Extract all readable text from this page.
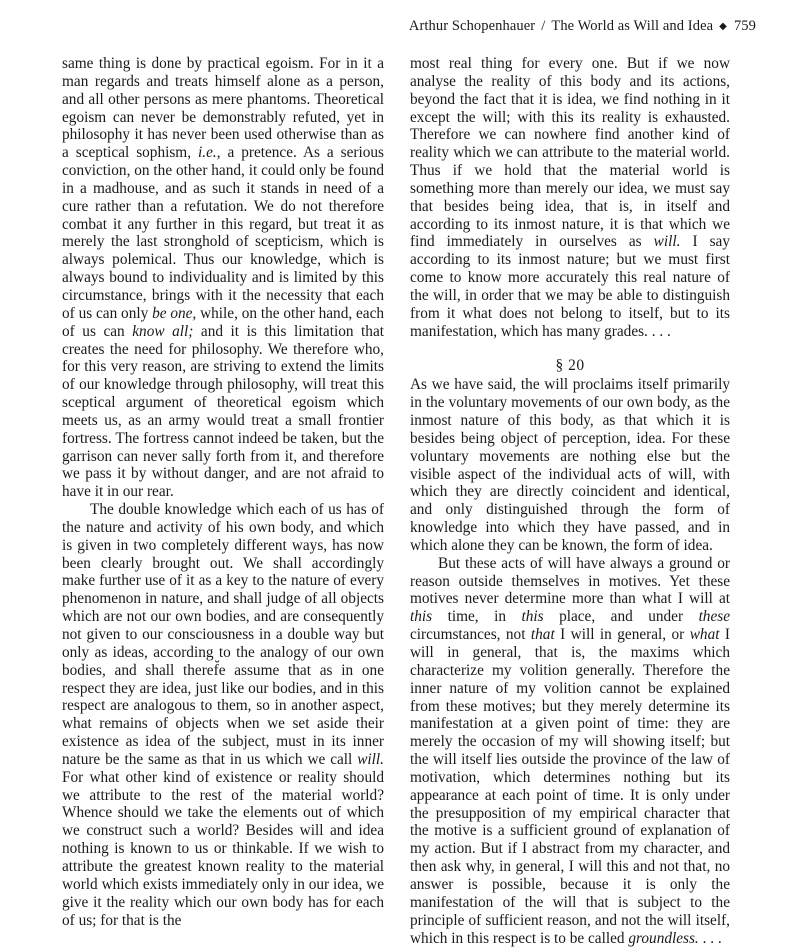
Arthur Schopenhauer / The World as Will and Idea ◆ 759

same thing is done by practical egoism. For in it a man regards and treats himself alone as a person, and all other persons as mere phantoms. Theoretical egoism can never be demonstrably refuted, yet in philosophy it has never been used otherwise than as a sceptical sophism, i.e., a pretence. As a serious conviction, on the other hand, it could only be found in a madhouse, and as such it stands in need of a cure rather than a refutation. We do not therefore combat it any further in this regard, but treat it as merely the last stronghold of scepticism, which is always polemical. Thus our knowledge, which is always bound to individuality and is limited by this circumstance, brings with it the necessity that each of us can only be one, while, on the other hand, each of us can know all; and it is this limitation that creates the need for philosophy. We therefore who, for this very reason, are striving to extend the limits of our knowledge through philosophy, will treat this sceptical argument of theoretical egoism which meets us, as an army would treat a small frontier fortress. The fortress cannot indeed be taken, but the garrison can never sally forth from it, and therefore we pass it by without danger, and are not afraid to have it in our rear.

The double knowledge which each of us has of the nature and activity of his own body, and which is given in two completely different ways, has now been clearly brought out. We shall accordingly make further use of it as a key to the nature of every phenomenon in nature, and shall judge of all objects which are not our own bodies, and are consequently not given to our consciousness in a double way but only as ideas, according to the analogy of our own bodies, and shall theref̆e assume that as in one respect they are idea, just like our bodies, and in this respect are analogous to them, so in another aspect, what remains of objects when we set aside their existence as idea of the subject, must in its inner nature be the same as that in us which we call will. For what other kind of existence or reality should we attribute to the rest of the material world? Whence should we take the elements out of which we construct such a world? Besides will and idea nothing is known to us or thinkable. If we wish to attribute the greatest known reality to the material world which exists immediately only in our idea, we give it the reality which our own body has for each of us; for that is the

most real thing for every one. But if we now analyse the reality of this body and its actions, beyond the fact that it is idea, we find nothing in it except the will; with this its reality is exhausted. Therefore we can nowhere find another kind of reality which we can attribute to the material world. Thus if we hold that the material world is something more than merely our idea, we must say that besides being idea, that is, in itself and according to its inmost nature, it is that which we find immediately in ourselves as will. I say according to its inmost nature; but we must first come to know more accurately this real nature of the will, in order that we may be able to distinguish from it what does not belong to itself, but to its manifestation, which has many grades. . . .

§ 20

As we have said, the will proclaims itself primarily in the voluntary movements of our own body, as the inmost nature of this body, as that which it is besides being object of perception, idea. For these voluntary movements are nothing else but the visible aspect of the individual acts of will, with which they are directly coincident and identical, and only distinguished through the form of knowledge into which they have passed, and in which alone they can be known, the form of idea.

But these acts of will have always a ground or reason outside themselves in motives. Yet these motives never determine more than what I will at this time, in this place, and under these circumstances, not that I will in general, or what I will in general, that is, the maxims which characterize my volition generally. Therefore the inner nature of my volition cannot be explained from these motives; but they merely determine its manifestation at a given point of time: they are merely the occasion of my will showing itself; but the will itself lies outside the province of the law of motivation, which determines nothing but its appearance at each point of time. It is only under the presupposition of my empirical character that the motive is a sufficient ground of explanation of my action. But if I abstract from my character, and then ask why, in general, I will this and not that, no answer is possible, because it is only the manifestation of the will that is subject to the principle of sufficient reason, and not the will itself, which in this respect is to be called groundless. . . .
